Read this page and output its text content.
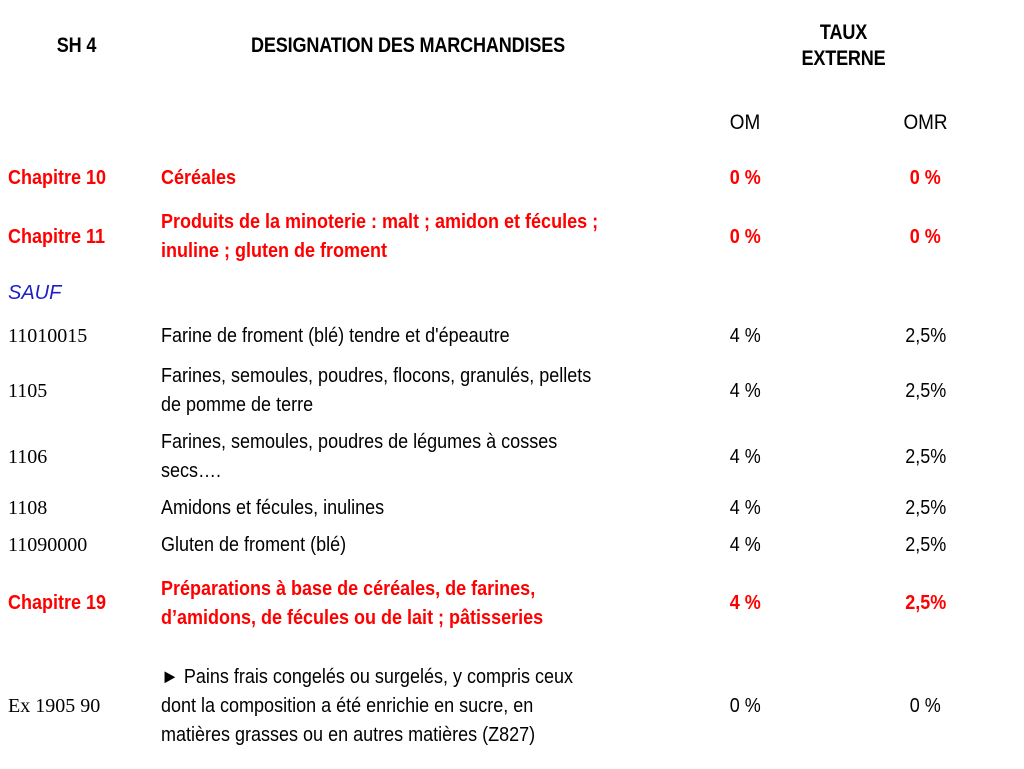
SH 4	DESIGNATION DES MARCHANDISES	TAUX
EXTERNE	

		OM	OMR
Chapitre 10	Céréales	0 %	0 %
Chapitre 11	Produits de la minoterie : malt ; amidon et fécules ; inuline ; gluten de froment	0 %	0 %
SAUF			
11010015	Farine de froment (blé) tendre et d'épeautre	4 %	2,5%
1105	Farines, semoules, poudres, flocons, granulés, pellets de pomme de terre	4 %	2,5%
1106	Farines, semoules, poudres de légumes à cosses secs….	4 %	2,5%
1108	Amidons et fécules, inulines	4 %	2,5%
11090000	Gluten de froment (blé)	4 %	2,5%
Chapitre 19	Préparations à base de céréales, de farines, d’amidons, de fécules ou de lait ; pâtisseries	4 %	2,5%
Ex 1905 90	► Pains frais congelés ou surgelés, y compris ceux dont la composition a été enrichie en sucre, en matières grasses ou en autres matières (Z827)	0 %	0 %
